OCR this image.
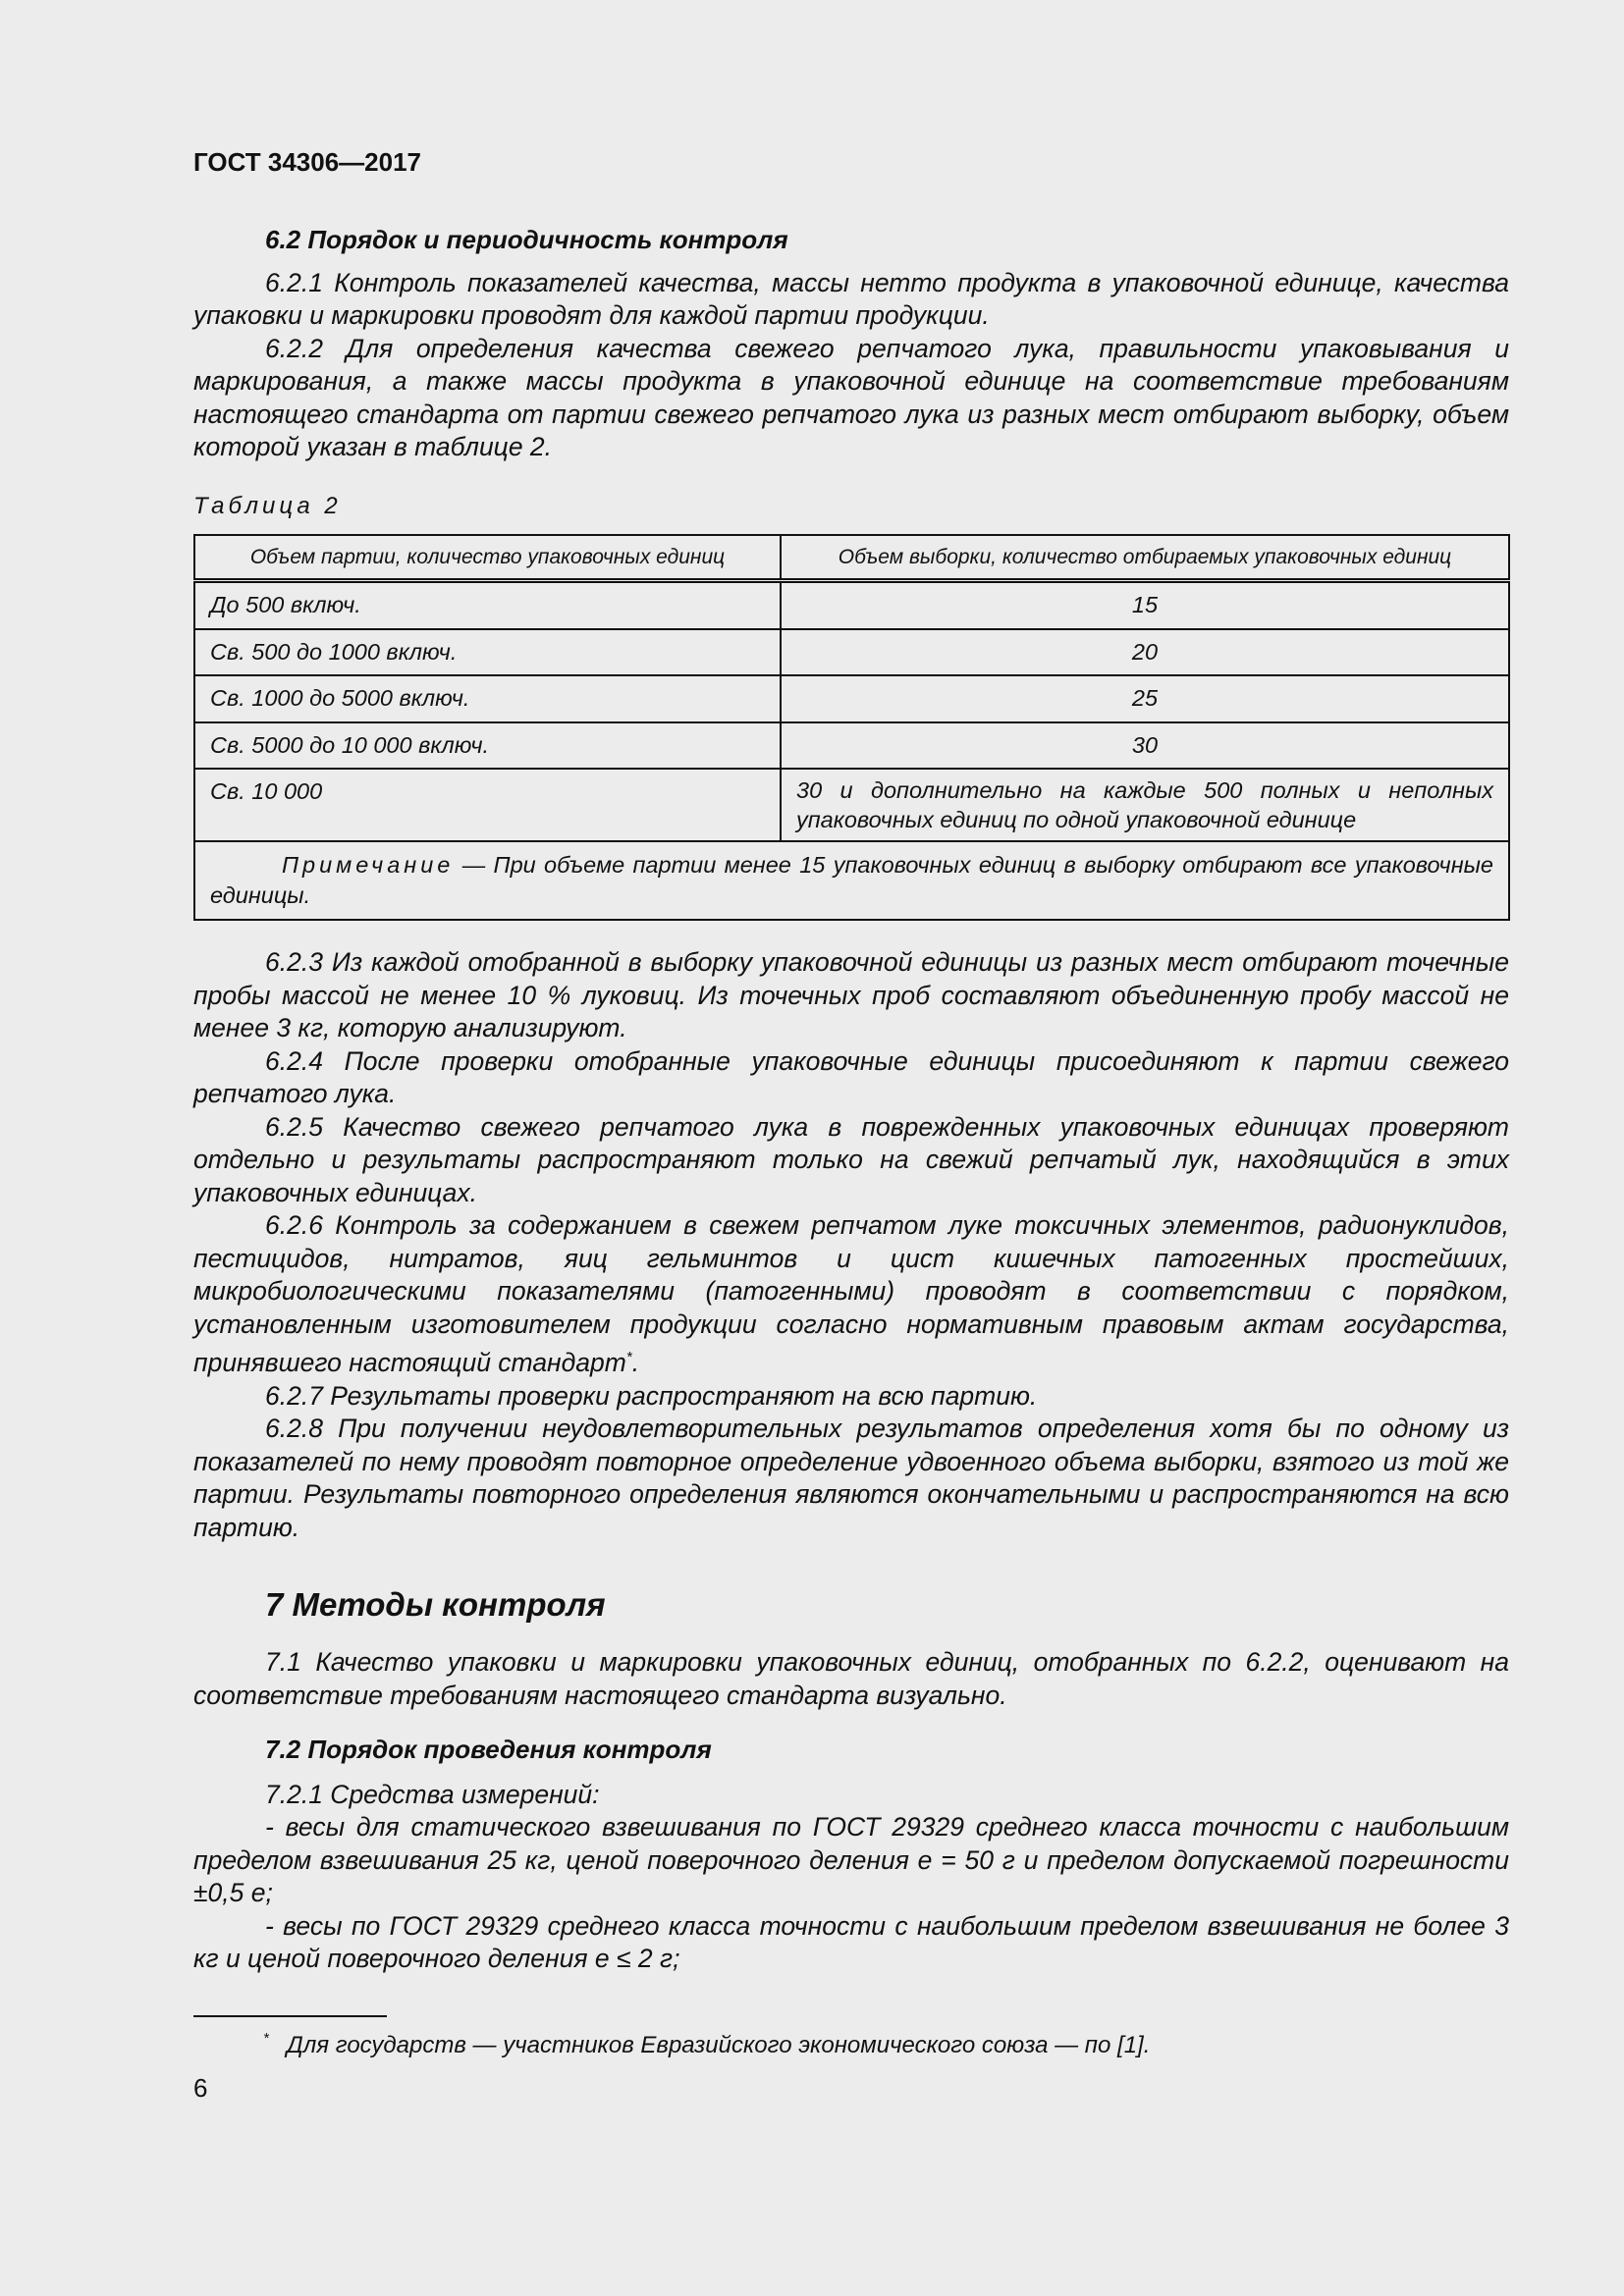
ГОСТ 34306—2017
6.2 Порядок и периодичность контроля

6.2.1 Контроль показателей качества, массы нетто продукта в упаковочной единице, качества упаковки и маркировки проводят для каждой партии продукции.

6.2.2 Для определения качества свежего репчатого лука, правильности упаковывания и маркирования, а также массы продукта в упаковочной единице на соответствие требованиям настоящего стандарта от партии свежего репчатого лука из разных мест отбирают выборку, объем которой указан в таблице 2.

Таблица 2
Объем партии, количество упаковочных единиц	Объем выборки, количество отбираемых упаковочных единиц
До 500 включ.	15
Св. 500 до 1000 включ.	20
Св. 1000 до 5000 включ.	25
Св. 5000 до 10 000 включ.	30
Св. 10 000	30 и дополнительно на каждые 500 полных и неполных упаковочных единиц по одной упаковочной единице
Примечание — При объеме партии менее 15 упаковочных единиц в выборку отбирают все упаковочные единицы.	

6.2.3 Из каждой отобранной в выборку упаковочной единицы из разных мест отбирают точечные пробы массой не менее 10 % луковиц. Из точечных проб составляют объединенную пробу массой не менее 3 кг, которую анализируют.

6.2.4 После проверки отобранные упаковочные единицы присоединяют к партии свежего репчатого лука.

6.2.5 Качество свежего репчатого лука в поврежденных упаковочных единицах проверяют отдельно и результаты распространяют только на свежий репчатый лук, находящийся в этих упаковочных единицах.

6.2.6 Контроль за содержанием в свежем репчатом луке токсичных элементов, радионуклидов, пестицидов, нитратов, яиц гельминтов и цист кишечных патогенных простейших, микробиологическими показателями (патогенными) проводят в соответствии с порядком, установленным изготовителем продукции согласно нормативным правовым актам государства, принявшего настоящий стандарт*.

6.2.7 Результаты проверки распространяют на всю партию.

6.2.8 При получении неудовлетворительных результатов определения хотя бы по одному из показателей по нему проводят повторное определение удвоенного объема выборки, взятого из той же партии. Результаты повторного определения являются окончательными и распространяются на всю партию.

7 Методы контроля

7.1 Качество упаковки и маркировки упаковочных единиц, отобранных по 6.2.2, оценивают на соответствие требованиям настоящего стандарта визуально.

7.2 Порядок проведения контроля

7.2.1 Средства измерений:

- весы для статического взвешивания по ГОСТ 29329 среднего класса точности с наибольшим пределом взвешивания 25 кг, ценой поверочного деления е = 50 г и пределом допускаемой погрешности ±0,5 е;

- весы по ГОСТ 29329 среднего класса точности с наибольшим пределом взвешивания не более 3 кг и ценой поверочного деления е ≤ 2 г;

* Для государств — участников Евразийского экономического союза — по [1].
6
